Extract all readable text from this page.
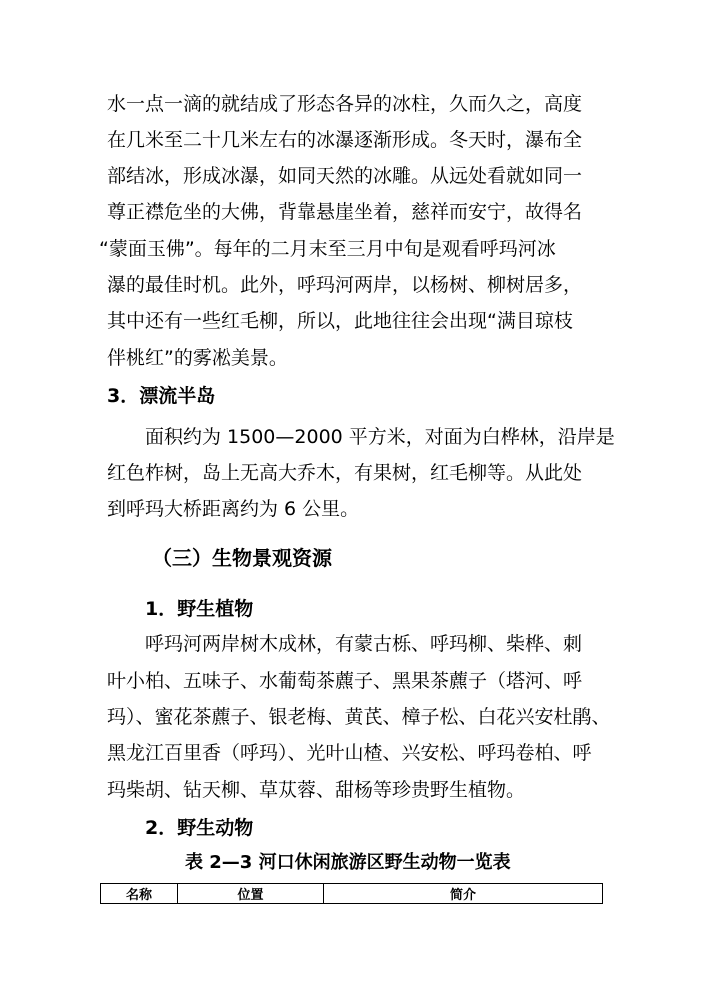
水一点一滴的就结成了形态各异的冰柱，久而久之，高度
在几米至二十几米左右的冰瀑逐渐形成。冬天时，瀑布全
部结冰，形成冰瀑，如同天然的冰雕。从远处看就如同一
尊正襟危坐的大佛，背靠悬崖坐着，慈祥而安宁，故得名
“蒙面玉佛”。每年的二月末至三月中旬是观看呼玛河冰
瀑的最佳时机。此外，呼玛河两岸，以杨树、柳树居多，
其中还有一些红毛柳，所以，此地往往会出现“满目琼枝
伴桃红”的雾凇美景。
3．漂流半岛
面积约为 1500—2000 平方米，对面为白桦林，沿岸是
红色柞树，岛上无高大乔木，有果树，红毛柳等。从此处
到呼玛大桥距离约为 6 公里。
（三）生物景观资源
1．野生植物
呼玛河两岸树木成林，有蒙古栎、呼玛柳、柴桦、刺
叶小柏、五味子、水葡萄茶藨子、黑果茶藨子（塔河、呼
玛）、蜜花茶藨子、银老梅、黄芪、樟子松、白花兴安杜鹃、
黑龙江百里香（呼玛）、光叶山楂、兴安松、呼玛卷柏、呼
玛柴胡、钻天柳、草苁蓉、甜杨等珍贵野生植物。
2．野生动物
表 2—3 河口休闲旅游区野生动物一览表
名称	位置	简介
